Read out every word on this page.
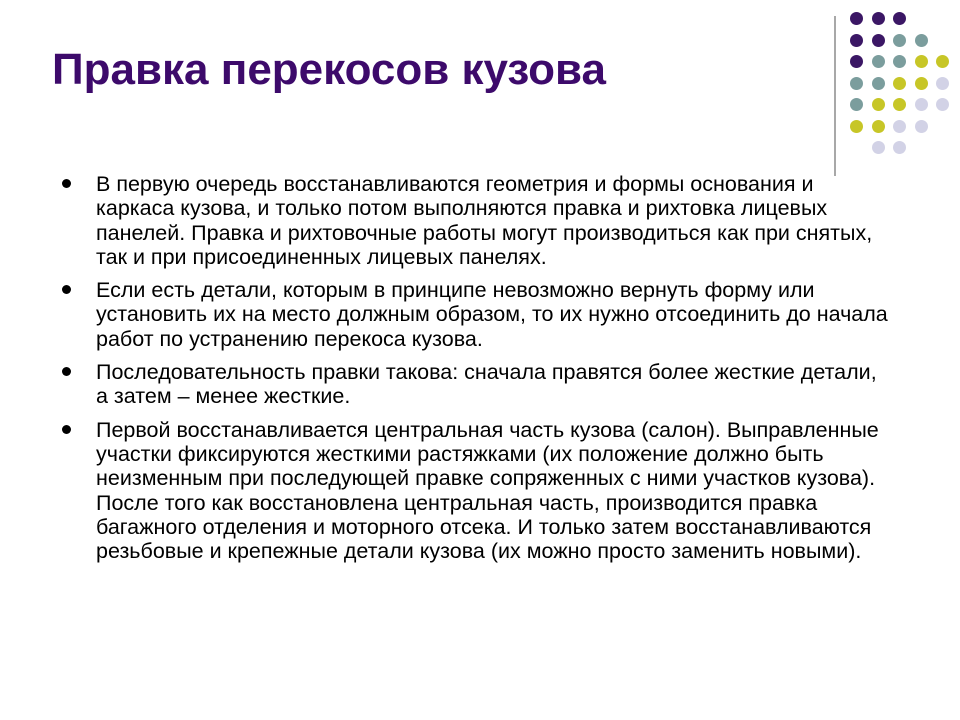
Правка перекосов кузова
В первую очередь восстанавливаются геометрия и формы основания и каркаса кузова, и только потом выполняются правка и рихтовка лицевых панелей. Правка и рихтовочные работы могут производиться как при снятых, так и при присоединенных лицевых панелях.
Если есть детали, которым в принципе невозможно вернуть форму или установить их на место должным образом, то их нужно отсоединить до начала работ по устранению перекоса кузова.
Последовательность правки такова: сначала правятся более жесткие детали, а затем – менее жесткие.
Первой восстанавливается центральная часть кузова (салон). Выправленные участки фиксируются жесткими растяжками (их положение должно быть неизменным при последующей правке сопряженных с ними участков кузова). После того как восстановлена центральная часть, производится правка багажного отделения и моторного отсека. И только затем восстанавливаются резьбовые и крепежные детали кузова (их можно просто заменить новыми).
